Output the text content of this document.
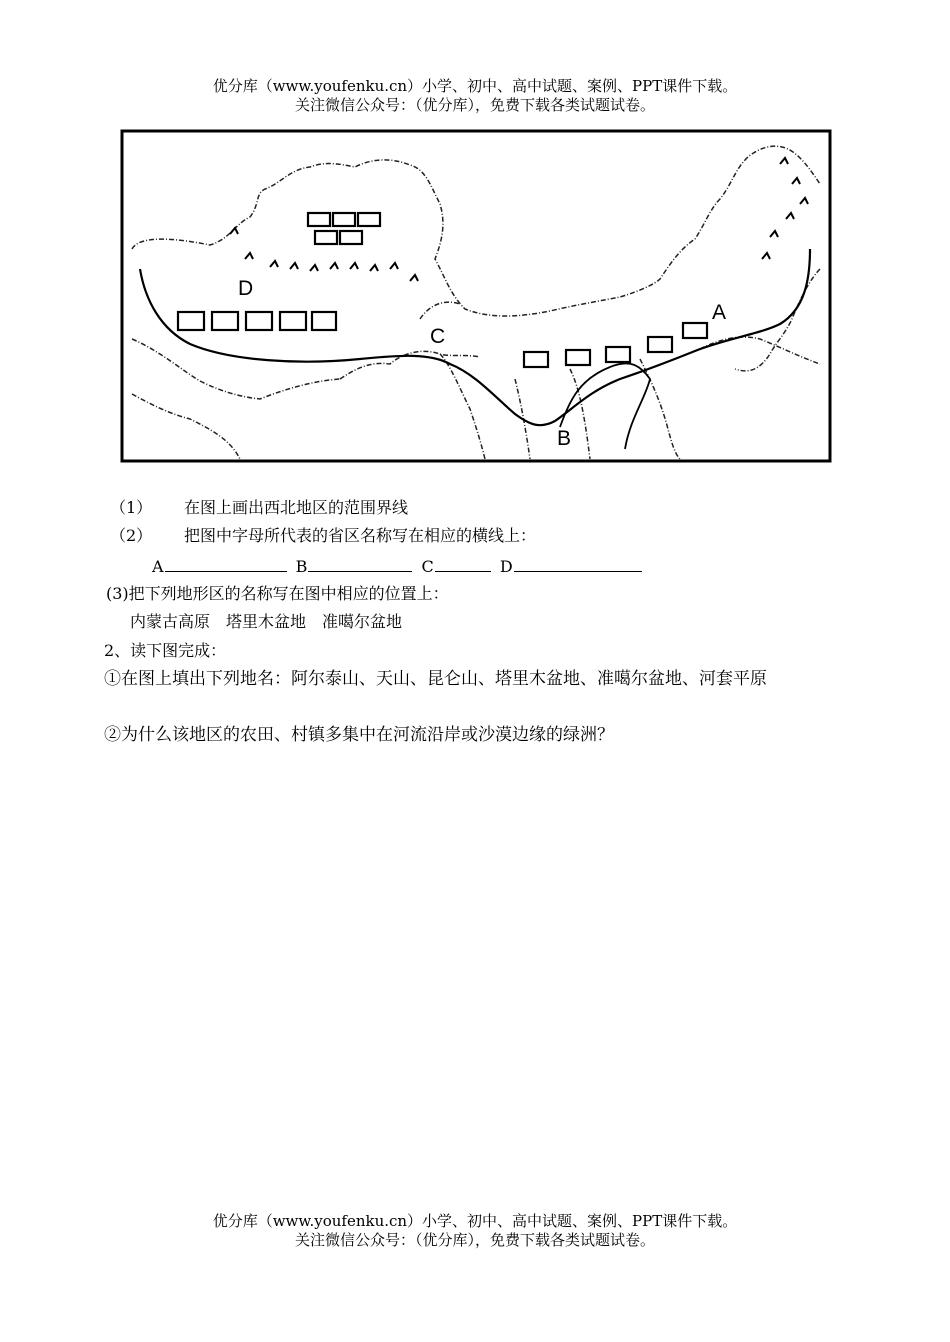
优分库（www.youfenku.cn）小学、初中、高中试题、案例、PPT课件下载。
关注微信公众号：（优分库），免费下载各类试题试卷。
A
B
C
D
（1） 在图上画出西北地区的范围界线
（2） 把图中字母所代表的省区名称写在相应的横线上：
A	B	C	D
(3)把下列地形区的名称写在图中相应的位置上：
内蒙古高原　塔里木盆地　准噶尔盆地
2、读下图完成：
①在图上填出下列地名：阿尔泰山、天山、昆仑山、塔里木盆地、准噶尔盆地、河套平原
②为什么该地区的农田、村镇多集中在河流沿岸或沙漠边缘的绿洲？
优分库（www.youfenku.cn）小学、初中、高中试题、案例、PPT课件下载。
关注微信公众号：（优分库），免费下载各类试题试卷。
